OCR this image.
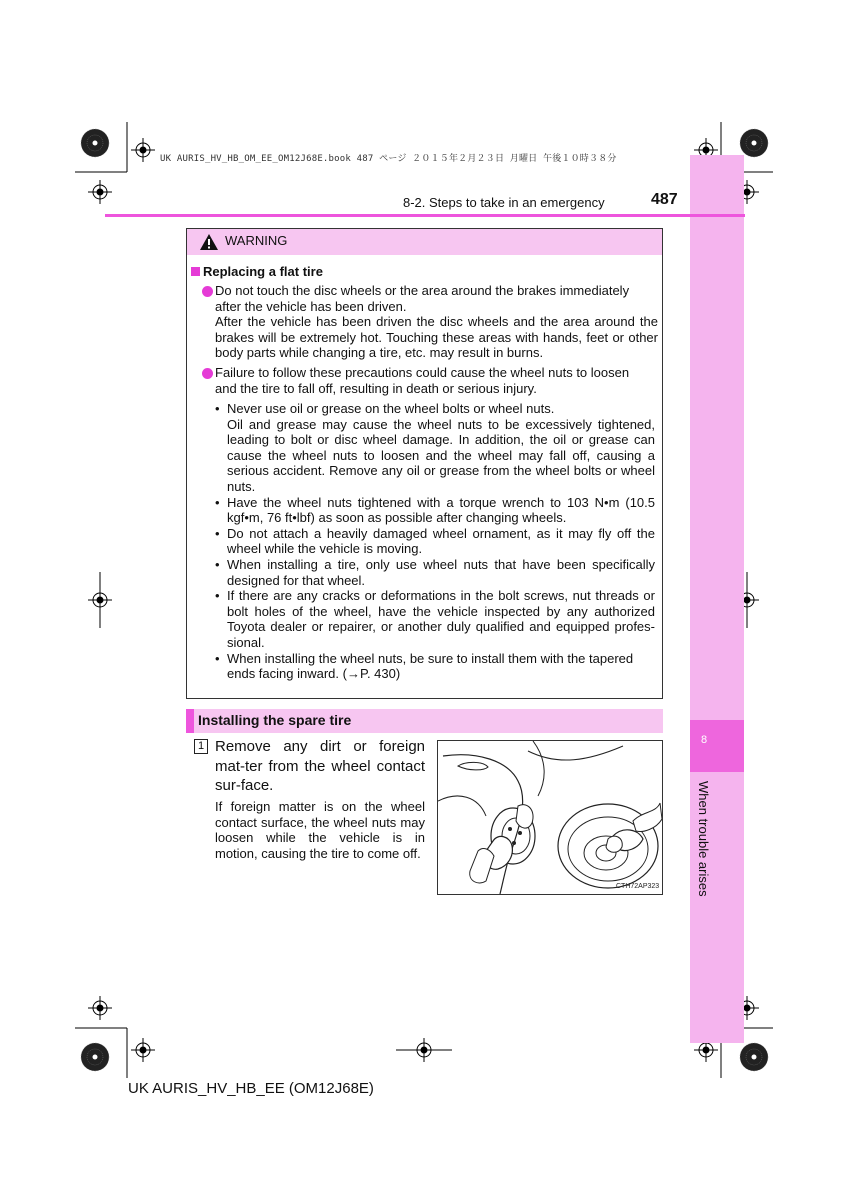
UK AURIS_HV_HB_OM_EE_OM12J68E.book 487 ページ ２０１５年２月２３日 月曜日 午後１０時３８分
8
When trouble arises
8-2. Steps to take in an emergency	487
WARNING
Replacing a flat tire
Do not touch the disc wheels or the area around the brakes immediately
after the vehicle has been driven.
After the vehicle has been driven the disc wheels and the area around the brakes will be extremely hot. Touching these areas with hands, feet or other body parts while changing a tire, etc. may result in burns.
Failure to follow these precautions could cause the wheel nuts to loosen
and the tire to fall off, resulting in death or serious injury.
• Never use oil or grease on the wheel bolts or wheel nuts.
Oil and grease may cause the wheel nuts to be excessively tightened, leading to bolt or disc wheel damage. In addition, the oil or grease can cause the wheel nuts to loosen and the wheel may fall off, causing a serious accident. Remove any oil or grease from the wheel bolts or wheel nuts.
• Have the wheel nuts tightened with a torque wrench to 103 N•m (10.5 kgf•m, 76 ft•lbf) as soon as possible after changing wheels.
• Do not attach a heavily damaged wheel ornament, as it may fly off the wheel while the vehicle is moving.
• When installing a tire, only use wheel nuts that have been specifically designed for that wheel.
• If there are any cracks or deformations in the bolt screws, nut threads or bolt holes of the wheel, have the vehicle inspected by any authorized Toyota dealer or repairer, or another duly qualified and equipped profes-sional.
• When installing the wheel nuts, be sure to install them with the tapered ends facing inward. (→P. 430)
Installing the spare tire
1 Remove any dirt or foreign mat-ter from the wheel contact sur-face.
If foreign matter is on the wheel contact surface, the wheel nuts may loosen while the vehicle is in motion, causing the tire to come off.
CTH72AP323
UK AURIS_HV_HB_EE (OM12J68E)
